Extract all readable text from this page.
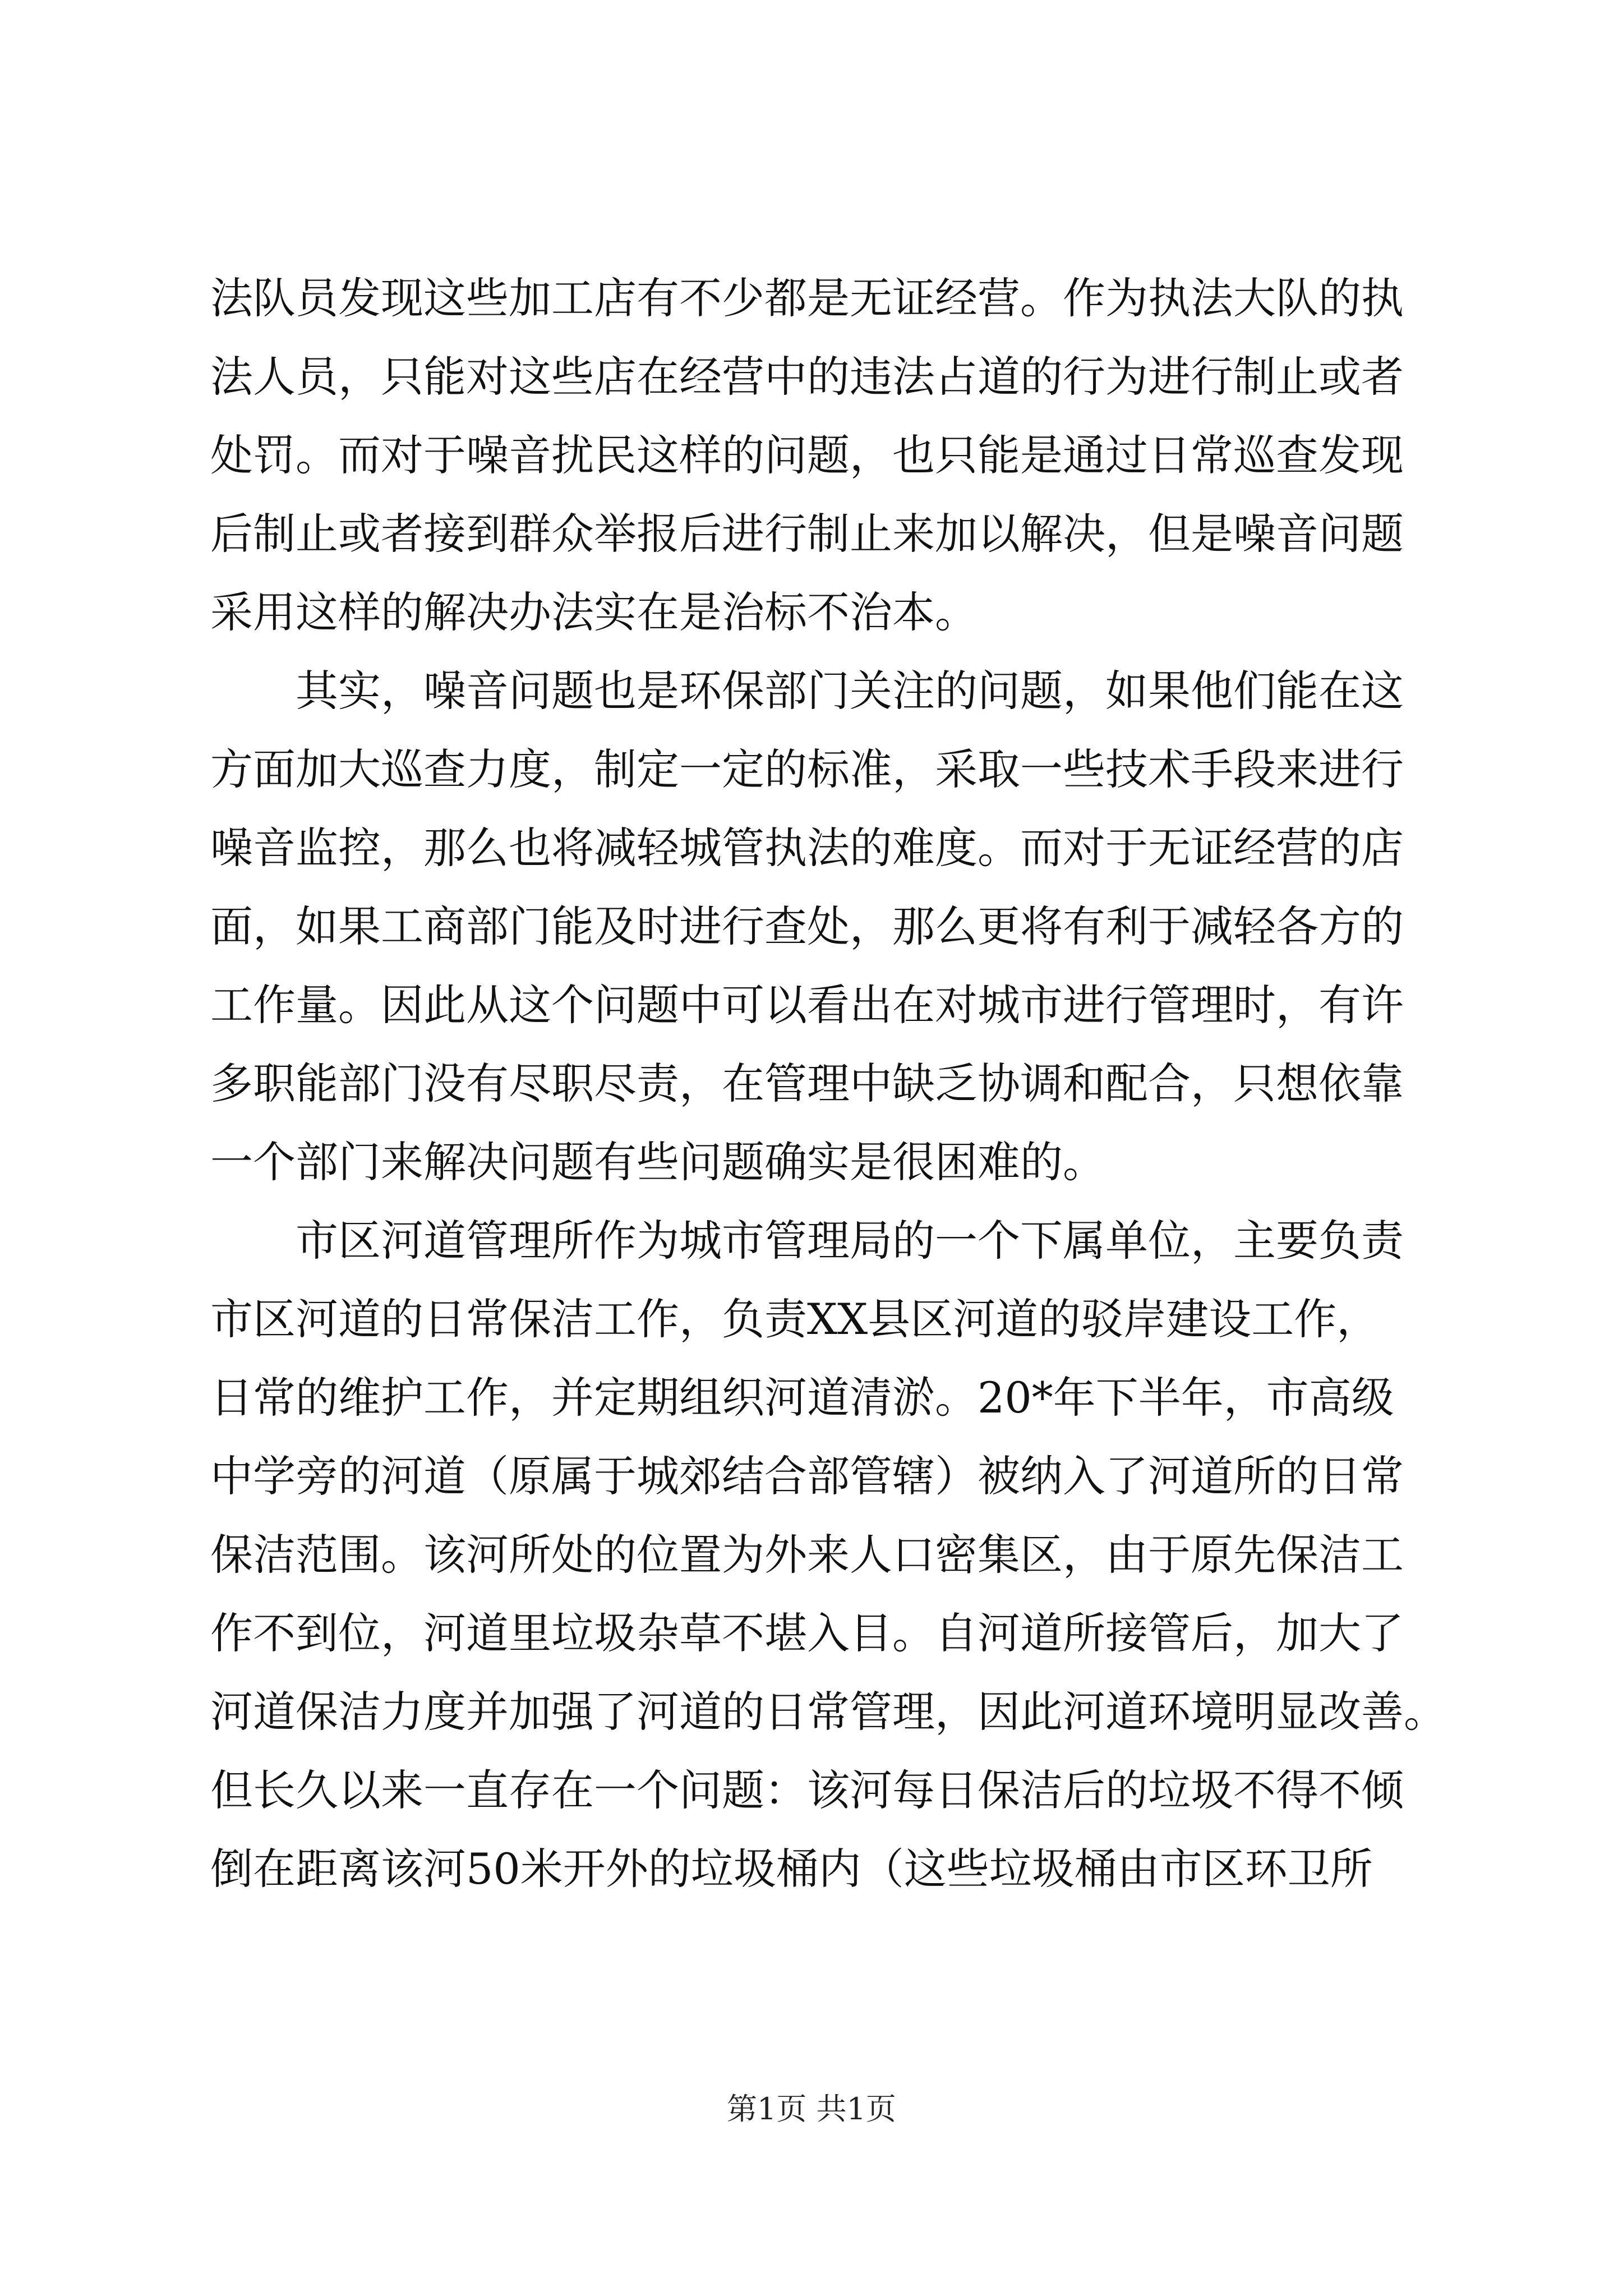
法队员发现这些加工店有不少都是无证经营。作为执法大队的执
法人员，只能对这些店在经营中的违法占道的行为进行制止或者
处罚。而对于噪音扰民这样的问题，也只能是通过日常巡查发现
后制止或者接到群众举报后进行制止来加以解决，但是噪音问题
采用这样的解决办法实在是治标不治本。
　　其实，噪音问题也是环保部门关注的问题，如果他们能在这
方面加大巡查力度，制定一定的标准，采取一些技术手段来进行
噪音监控，那么也将减轻城管执法的难度。而对于无证经营的店
面，如果工商部门能及时进行查处，那么更将有利于减轻各方的
工作量。因此从这个问题中可以看出在对城市进行管理时，有许
多职能部门没有尽职尽责，在管理中缺乏协调和配合，只想依靠
一个部门来解决问题有些问题确实是很困难的。
　　市区河道管理所作为城市管理局的一个下属单位，主要负责
市区河道的日常保洁工作，负责XX县区河道的驳岸建设工作，
日常的维护工作，并定期组织河道清淤。20*年下半年，市高级
中学旁的河道（原属于城郊结合部管辖）被纳入了河道所的日常
保洁范围。该河所处的位置为外来人口密集区，由于原先保洁工
作不到位，河道里垃圾杂草不堪入目。自河道所接管后，加大了
河道保洁力度并加强了河道的日常管理，因此河道环境明显改善。
但长久以来一直存在一个问题：该河每日保洁后的垃圾不得不倾
倒在距离该河50米开外的垃圾桶内（这些垃圾桶由市区环卫所
第1页 共1页
